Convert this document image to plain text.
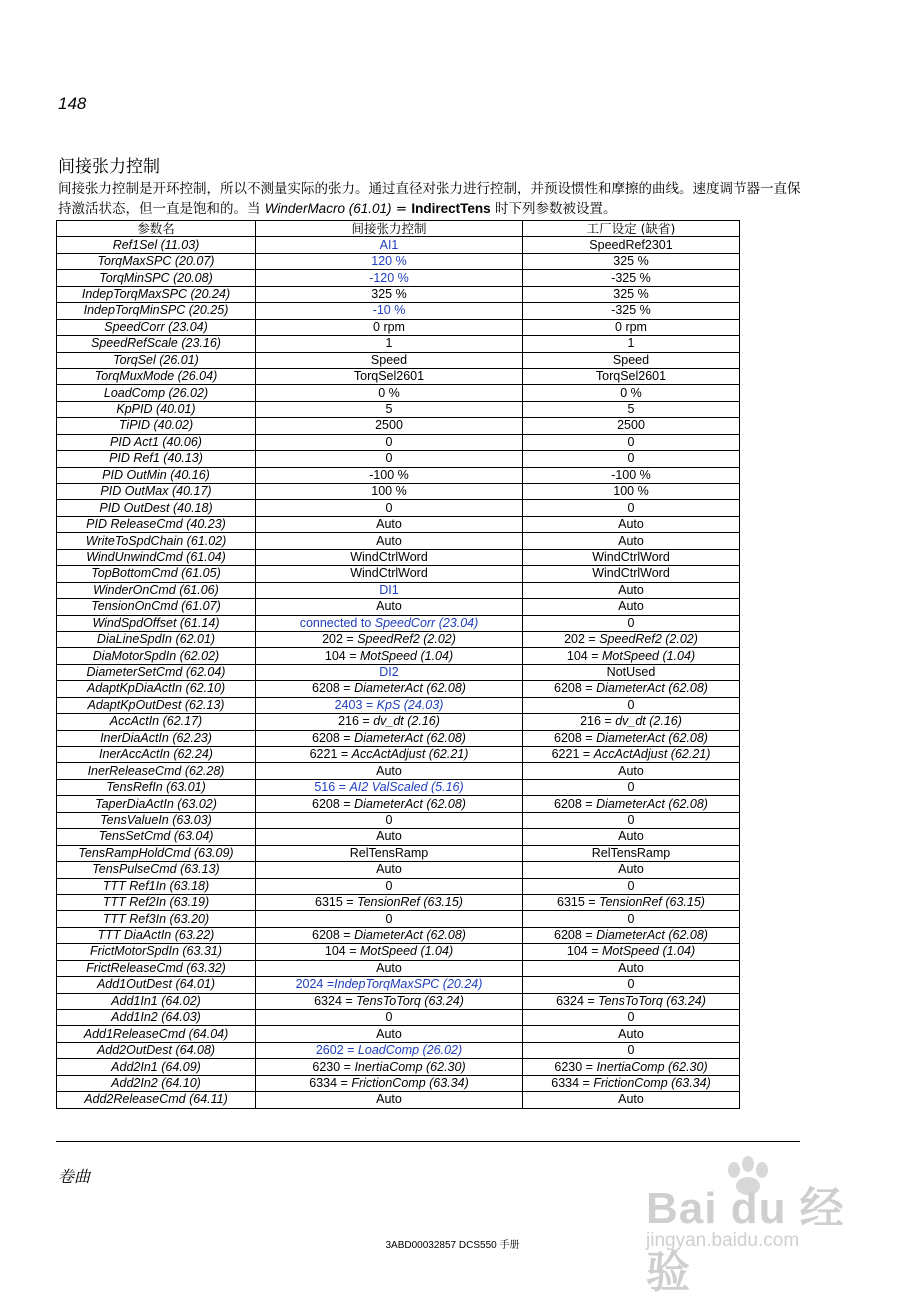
148
间接张力控制
间接张力控制是开环控制，所以不测量实际的张力。通过直径对张力进行控制，并预设惯性和摩擦的曲线。速度调节器一直保持激活状态，但一直是饱和的。当 WinderMacro (61.01) = IndirectTens 时下列参数被设置。
参数名	间接张力控制	工厂设定 (缺省)
Ref1Sel (11.03)	AI1	SpeedRef2301
TorqMaxSPC (20.07)	120 %	325 %
TorqMinSPC (20.08)	-120 %	-325 %
IndepTorqMaxSPC (20.24)	325 %	325 %
IndepTorqMinSPC (20.25)	-10 %	-325 %
SpeedCorr (23.04)	0 rpm	0 rpm
SpeedRefScale (23.16)	1	1
TorqSel (26.01)	Speed	Speed
TorqMuxMode (26.04)	TorqSel2601	TorqSel2601
LoadComp (26.02)	0 %	0 %
KpPID (40.01)	5	5
TiPID (40.02)	2500	2500
PID Act1 (40.06)	0	0
PID Ref1 (40.13)	0	0
PID OutMin (40.16)	-100 %	-100 %
PID OutMax (40.17)	100 %	100 %
PID OutDest (40.18)	0	0
PID ReleaseCmd (40.23)	Auto	Auto
WriteToSpdChain (61.02)	Auto	Auto
WindUnwindCmd (61.04)	WindCtrlWord	WindCtrlWord
TopBottomCmd (61.05)	WindCtrlWord	WindCtrlWord
WinderOnCmd (61.06)	DI1	Auto
TensionOnCmd (61.07)	Auto	Auto
WindSpdOffset (61.14)	connected to SpeedCorr (23.04)	0
DiaLineSpdIn (62.01)	202 = SpeedRef2 (2.02)	202 = SpeedRef2 (2.02)
DiaMotorSpdIn (62.02)	104 = MotSpeed (1.04)	104 = MotSpeed (1.04)
DiameterSetCmd (62.04)	DI2	NotUsed
AdaptKpDiaActIn (62.10)	6208 = DiameterAct (62.08)	6208 = DiameterAct (62.08)
AdaptKpOutDest (62.13)	2403 = KpS (24.03)	0
AccActIn (62.17)	216 = dv_dt (2.16)	216 = dv_dt (2.16)
InerDiaActIn (62.23)	6208 = DiameterAct (62.08)	6208 = DiameterAct (62.08)
InerAccActIn (62.24)	6221 = AccActAdjust (62.21)	6221 = AccActAdjust (62.21)
InerReleaseCmd (62.28)	Auto	Auto
TensRefIn (63.01)	516 = AI2 ValScaled (5.16)	0
TaperDiaActIn (63.02)	6208 = DiameterAct (62.08)	6208 = DiameterAct (62.08)
TensValueIn (63.03)	0	0
TensSetCmd (63.04)	Auto	Auto
TensRampHoldCmd (63.09)	RelTensRamp	RelTensRamp
TensPulseCmd (63.13)	Auto	Auto
TTT Ref1In (63.18)	0	0
TTT Ref2In (63.19)	6315 = TensionRef (63.15)	6315 = TensionRef (63.15)
TTT Ref3In (63.20)	0	0
TTT DiaActIn (63.22)	6208 = DiameterAct (62.08)	6208 = DiameterAct (62.08)
FrictMotorSpdIn (63.31)	104 = MotSpeed (1.04)	104 = MotSpeed (1.04)
FrictReleaseCmd (63.32)	Auto	Auto
Add1OutDest (64.01)	2024 =IndepTorqMaxSPC (20.24)	0
Add1In1 (64.02)	6324 = TensToTorq (63.24)	6324 = TensToTorq (63.24)
Add1In2 (64.03)	0	0
Add1ReleaseCmd (64.04)	Auto	Auto
Add2OutDest (64.08)	2602 = LoadComp (26.02)	0
Add2In1 (64.09)	6230 = InertiaComp (62.30)	6230 = InertiaComp (62.30)
Add2In2 (64.10)	6334 = FrictionComp (63.34)	6334 = FrictionComp (63.34)
Add2ReleaseCmd (64.11)	Auto	Auto
卷曲
3ABD00032857 DCS550 手册
Bai du 经验
jingyan.baidu.com
